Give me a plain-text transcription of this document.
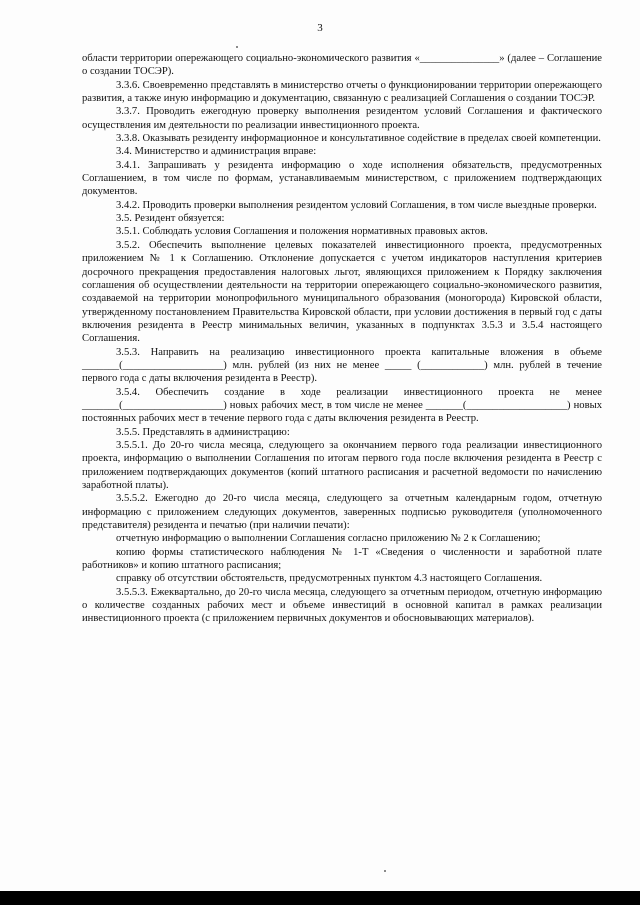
3

области территории опережающего социально-экономического развития «_______________» (далее – Соглашение о создании ТОСЭР).

3.3.6. Своевременно представлять в министерство отчеты о функционировании территории опережающего развития, а также иную информацию и документацию, связанную с реализацией Соглашения о создании ТОСЭР.

3.3.7. Проводить ежегодную проверку выполнения резидентом условий Соглашения и фактического осуществления им деятельности по реализации инвестиционного проекта.

3.3.8. Оказывать резиденту информационное и консультативное содействие в пределах своей компетенции.

3.4. Министерство и администрация вправе:

3.4.1. Запрашивать у резидента информацию о ходе исполнения обязательств, предусмотренных Соглашением, в том числе по формам, устанавливаемым министерством, с приложением подтверждающих документов.

3.4.2. Проводить проверки выполнения резидентом условий Соглашения, в том числе выездные проверки.

3.5. Резидент обязуется:

3.5.1. Соблюдать условия Соглашения и положения нормативных правовых актов.

3.5.2. Обеспечить выполнение целевых показателей инвестиционного проекта, предусмотренных приложением № 1 к Соглашению. Отклонение допускается с учетом индикаторов наступления критериев досрочного прекращения предоставления налоговых льгот, являющихся приложением к Порядку заключения соглашения об осуществлении деятельности на территории опережающего социально-экономического развития, создаваемой на территории монопрофильного муниципального образования (моногорода) Кировской области, утвержденному постановлением Правительства Кировской области, при условии достижения в первый год с даты включения резидента в Реестр минимальных величин, указанных в подпунктах 3.5.3 и 3.5.4 настоящего Соглашения.

3.5.3. Направить на реализацию инвестиционного проекта капитальные вложения в объеме _______(___________________) млн. рублей (из них не менее _____ (____________) млн. рублей в течение первого года с даты включения резидента в Реестр).

3.5.4. Обеспечить создание в ходе реализации инвестиционного проекта не менее _______(___________________) новых рабочих мест, в том числе не менее _______(___________________) новых постоянных рабочих мест в течение первого года с даты включения резидента в Реестр.

3.5.5. Представлять в администрацию:

3.5.5.1. До 20-го числа месяца, следующего за окончанием первого года реализации инвестиционного проекта, информацию о выполнении Соглашения по итогам первого года после включения резидента в Реестр с приложением подтверждающих документов (копий штатного расписания и расчетной ведомости по начислению заработной платы).

3.5.5.2. Ежегодно до 20-го числа месяца, следующего за отчетным календарным годом, отчетную информацию с приложением следующих документов, заверенных подписью руководителя (уполномоченного представителя) резидента и печатью (при наличии печати):

отчетную информацию о выполнении Соглашения согласно приложению № 2 к Соглашению;

копию формы статистического наблюдения № 1-Т «Сведения о численности и заработной плате работников» и копию штатного расписания;

справку об отсутствии обстоятельств, предусмотренных пунктом 4.3 настоящего Соглашения.

3.5.5.3. Ежеквартально, до 20-го числа месяца, следующего за отчетным периодом, отчетную информацию о количестве созданных рабочих мест и объеме инвестиций в основной капитал в рамках реализации инвестиционного проекта (с приложением первичных документов и обосновывающих материалов).
